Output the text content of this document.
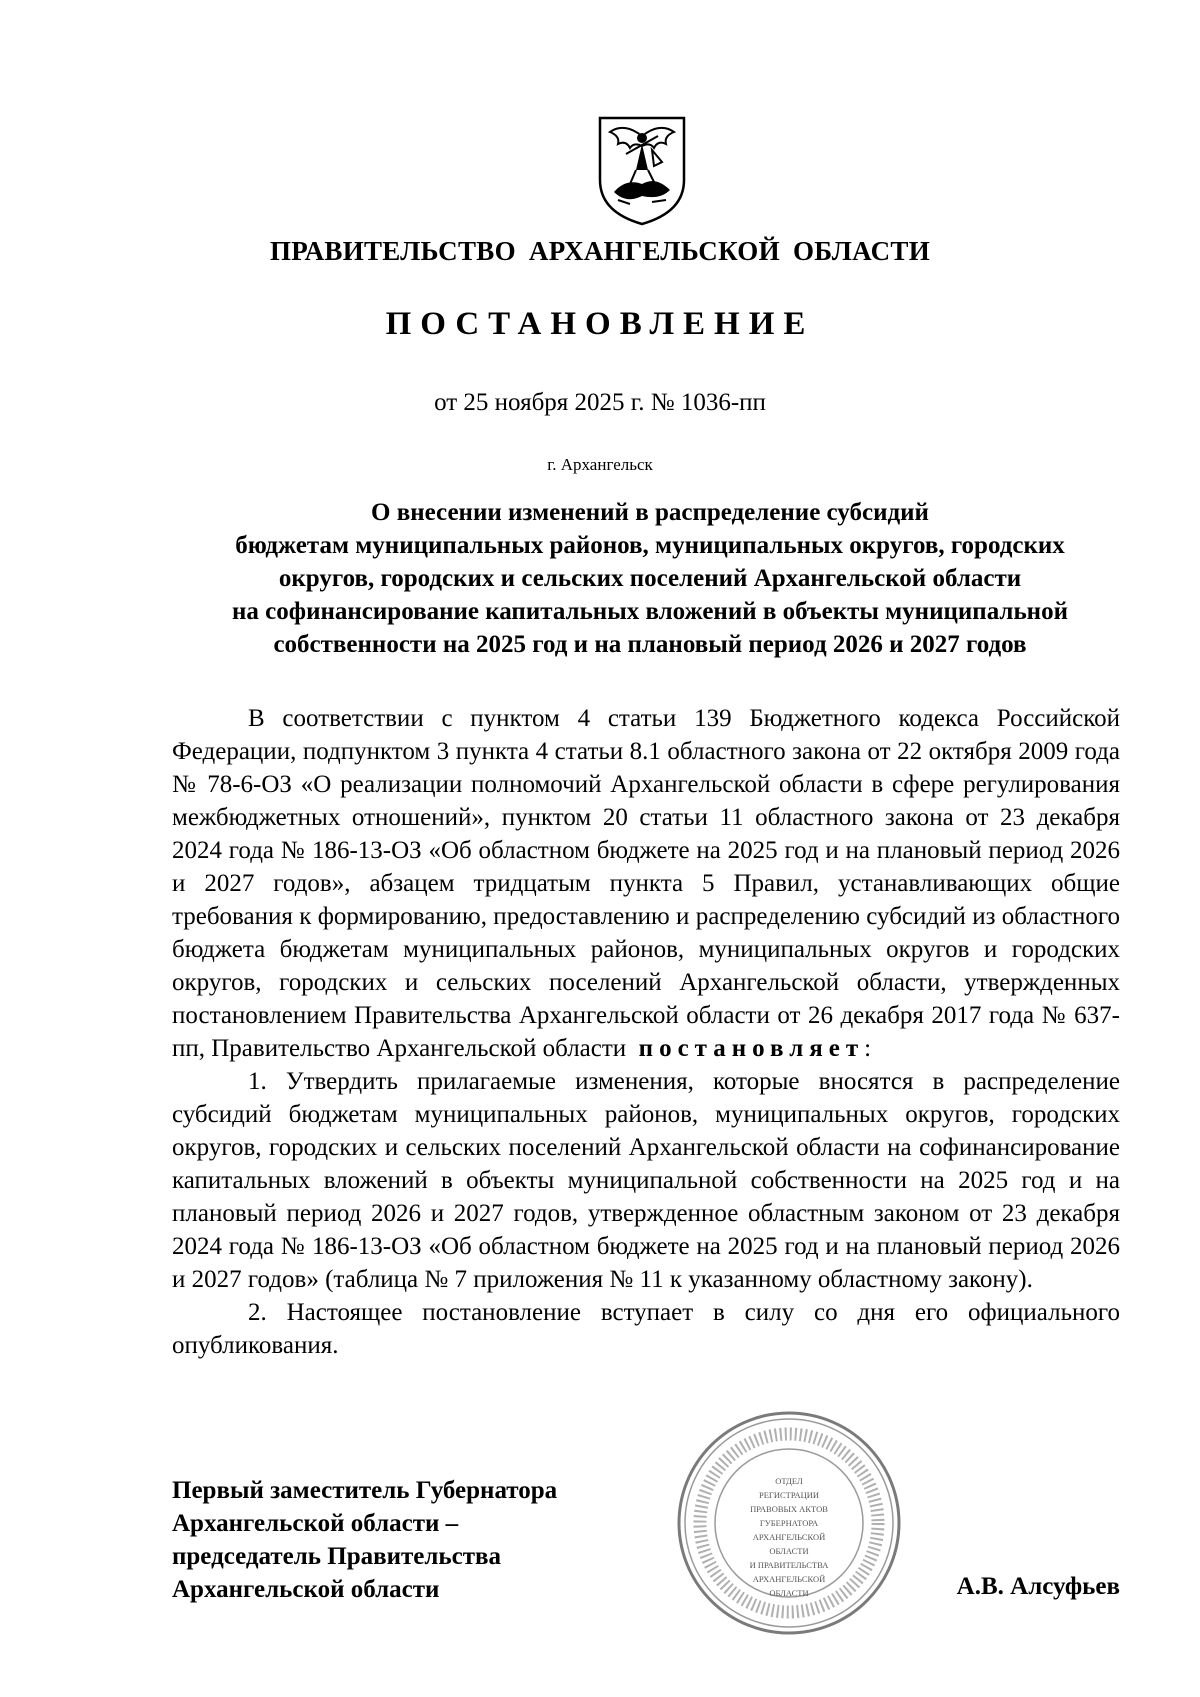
ПРАВИТЕЛЬСТВО АРХАНГЕЛЬСКОЙ ОБЛАСТИ
ПОСТАНОВЛЕНИЕ
от 25 ноября 2025 г. № 1036-пп
г. Архангельск
О внесении изменений в распределение субсидий
бюджетам муниципальных районов, муниципальных округов, городских
округов, городских и сельских поселений Архангельской области
на софинансирование капитальных вложений в объекты муниципальной
собственности на 2025 год и на плановый период 2026 и 2027 годов

В соответствии с пунктом 4 статьи 139 Бюджетного кодекса Российской Федерации, подпунктом 3 пункта 4 статьи 8.1 областного закона от 22 октября 2009 года № 78-6-ОЗ «О реализации полномочий Архангельской области в сфере регулирования межбюджетных отношений», пунктом 20 статьи 11 областного закона от 23 декабря 2024 года № 186-13-ОЗ «Об областном бюджете на 2025 год и на плановый период 2026 и 2027 годов», абзацем тридцатым пункта 5 Правил, устанавливающих общие требования к формированию, предоставлению и распределению субсидий из областного бюджета бюджетам муниципальных районов, муниципальных округов и городских округов, городских и сельских поселений Архангельской области, утвержденных постановлением Правительства Архангельской области от 26 декабря 2017 года № 637-пп, Правительство Архангельской области постановляет:

1. Утвердить прилагаемые изменения, которые вносятся в распределение субсидий бюджетам муниципальных районов, муниципальных округов, городских округов, городских и сельских поселений Архангельской области на софинансирование капитальных вложений в объекты муниципальной собственности на 2025 год и на плановый период 2026 и 2027 годов, утвержденное областным законом от 23 декабря 2024 года № 186-13-ОЗ «Об областном бюджете на 2025 год и на плановый период 2026 и 2027 годов» (таблица № 7 приложения № 11 к указанному областному закону).

2. Настоящее постановление вступает в силу со дня его официального опубликования.

Первый заместитель Губернатора
Архангельской области –
председатель Правительства
Архангельской области
ОТДЕЛ
РЕГИСТРАЦИИ
ПРАВОВЫХ АКТОВ
ГУБЕРНАТОРА
АРХАНГЕЛЬСКОЙ
ОБЛАСТИ
И ПРАВИТЕЛЬСТВА
АРХАНГЕЛЬСКОЙ
ОБЛАСТИ	А.В. Алсуфьев
